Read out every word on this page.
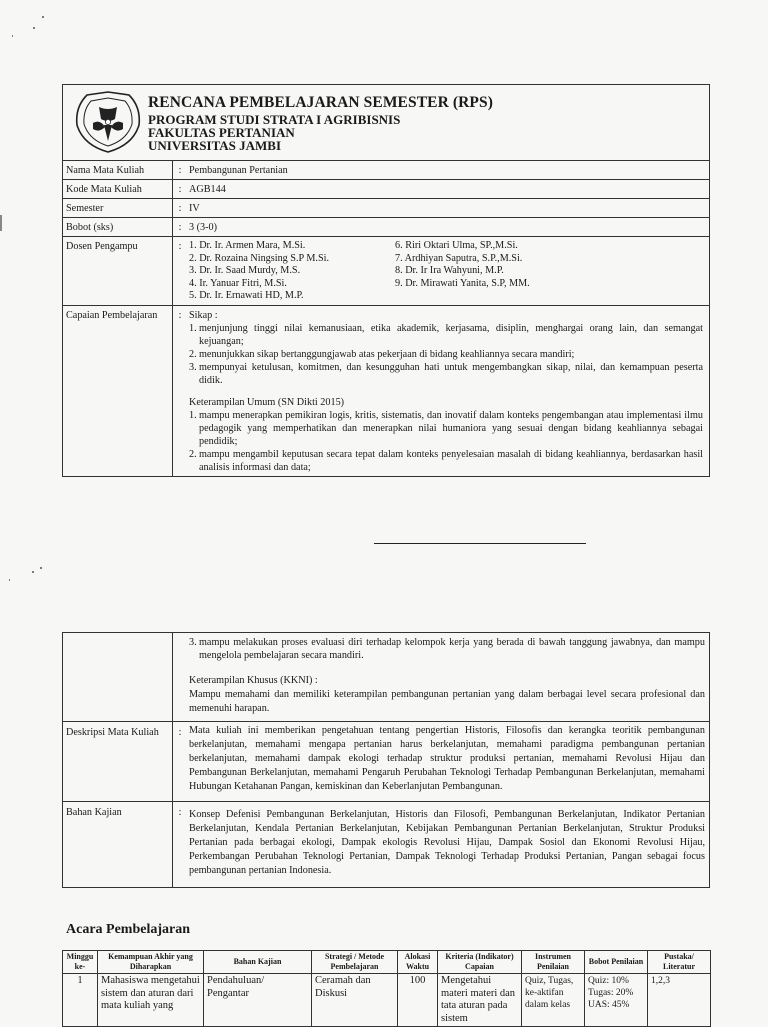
RENCANA PEMBELAJARAN SEMESTER (RPS)
PROGRAM STUDI STRATA I AGRIBISNIS
FAKULTAS PERTANIAN
UNIVERSITAS JAMBI
Nama Mata Kuliah	: Pembangunan Pertanian
Kode Mata Kuliah	: AGB144
Semester	: IV
Bobot (sks)	: 3 (3-0)
Dosen Pengampu	: 1. Dr. Ir. Armen Mara, M.Si.
2. Dr. Rozaina Ningsing S.P M.Si.
3. Dr. Ir. Saad Murdy, M.S.
4. Ir. Yanuar Fitri, M.Si.
5. Dr. Ir. Ernawati HD, M.P.
6. Riri Oktari Ulma, SP.,M.Si.
7. Ardhiyan Saputra, S.P.,M.Si.
8. Dr. Ir Ira Wahyuni, M.P.
9. Dr. Mirawati Yanita, S.P, MM.
Capaian Pembelajaran	: Sikap :

1. menjunjung tinggi nilai kemanusiaan, etika akademik, kerjasama, disiplin, menghargai orang lain, dan semangat kejuangan;
2. menunjukkan sikap bertanggungjawab atas pekerjaan di bidang keahliannya secara mandiri;
3. mempunyai ketulusan, komitmen, dan kesungguhan hati untuk mengembangkan sikap, nilai, dan kemampuan peserta didik.

Keterampilan Umum (SN Dikti 2015)

1. mampu menerapkan pemikiran logis, kritis, sistematis, dan inovatif dalam konteks pengembangan atau implementasi ilmu pedagogik yang memperhatikan dan menerapkan nilai humaniora yang sesuai dengan bidang keahliannya sebagai pendidik;
2. mampu mengambil keputusan secara tepat dalam konteks penyelesaian masalah di bidang keahliannya, berdasarkan hasil analisis informasi dan data;
3. mampu melakukan proses evaluasi diri terhadap kelompok kerja yang berada di bawah tanggung jawabnya, dan mampu mengelola pembelajaran secara mandiri.

Keterampilan Khusus (KKNI) :

Mampu memahami dan memiliki keterampilan pembangunan pertanian yang dalam berbagai level secara profesional dan memenuhi harapan.

Deskripsi Mata Kuliah	: Mata kuliah ini memberikan pengetahuan tentang pengertian Historis, Filosofis dan kerangka teoritik pembangunan berkelanjutan, memahami mengapa pertanian harus berkelanjutan, memahami paradigma pembangunan pertanian berkelanjutan, memahami dampak ekologi terhadap struktur produksi pertanian, memahami Revolusi Hijau dan Pembangunan Berkelanjutan, memahami Pengaruh Perubahan Teknologi Terhadap Pembangunan Berkelanjutan, memahami Hubungan Ketahanan Pangan, kemiskinan dan Keberlanjutan Pembangunan.
Bahan Kajian	: Konsep Defenisi Pembangunan Berkelanjutan, Historis dan Filosofi, Pembangunan Berkelanjutan, Indikator Pertanian Berkelanjutan, Kendala Pertanian Berkelanjutan, Kebijakan Pembangunan Pertanian Berkelanjutan, Struktur Produksi Pertanian pada berbagai ekologi, Dampak ekologis Revolusi Hijau, Dampak Sosiol dan Ekonomi Revolusi Hijau, Perkembangan Perubahan Teknologi Pertanian, Dampak Teknologi Terhadap Produksi Pertanian, Pangan sebagai focus pembangunan pertanian Indonesia.
Acara Pembelajaran
Minggu ke-	Kemampuan Akhir yang Diharapkan	Bahan Kajian	Strategi / Metode Pembelajaran	Alokasi Waktu	Kriteria (Indikator) Capaian	Instrumen Penilaian	Bobot Penilaian	Pustaka/ Literatur
1	Mahasiswa mengetahui sistem dan aturan dari mata kuliah yang	Pendahuluan/ Pengantar	Ceramah dan Diskusi	100	Mengetahui materi materi dan tata aturan pada sistem	Quiz, Tugas, ke-aktifan dalam kelas	Quiz: 10%
Tugas: 20%
UAS: 45%	1,2,3
